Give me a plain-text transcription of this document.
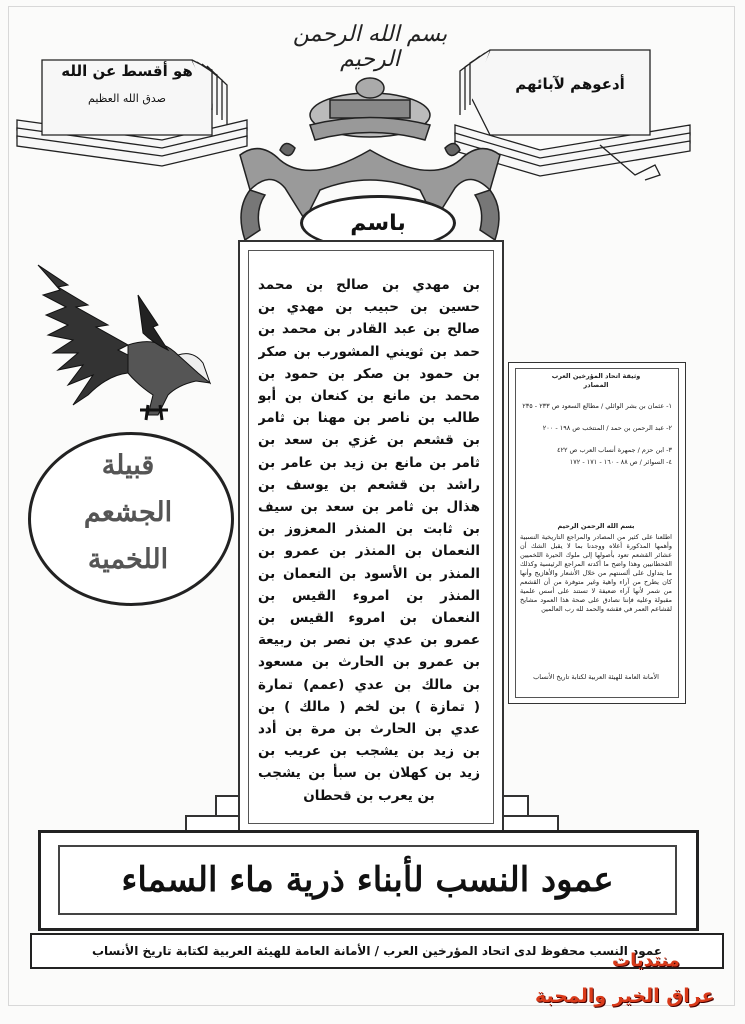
بسم الله الرحمن الرحيم
هو أقسط عن الله
صدق الله العظيم
أدعوهم لآبائهم
باسم
بن مهدي بن صالح بن محمد
حسين بن حبيب بن مهدي بن
صالح بن عبد القادر بن محمد بن
حمد بن ثويني المشورب بن صكر
بن حمود بن صكر بن حمود بن
محمد بن مانع بن كنعان بن أبو
طالب بن ناصر بن مهنا بن ثامر
بن قشعم بن غزي بن سعد بن
ثامر بن مانع بن زيد بن عامر بن
راشد بن قشعم بن يوسف بن
هذال بن ثامر بن سعد بن سيف
بن ثابت بن المنذر المعزوز بن
النعمان بن المنذر بن عمرو بن
المنذر بن الأسود بن النعمان بن
المنذر بن امروء القيس بن
النعمان بن امروء القيس بن
عمرو بن عدي بن نصر بن ربيعة
بن عمرو بن الحارث بن مسعود
بن مالك بن عدي (عمم) تمارة
( تمازة ) بن لخم ( مالك ) بن
عدي بن الحارث بن مرة بن أدد
بن زيد بن يشجب بن عريب بن
زيد بن كهلان بن سبأ بن يشجب
بن يعرب بن قحطان
قبيلة
الجشعم
اللخمية
وثيقة اتحاد المؤرخين العرب
المصادر
١- عثمان بن بشر الوائلي / مطالع السعود ص ٢٣٣ - ٢٣٥
٢- عبد الرحمن بن حمد / المنتخب ص ١٩٨ - ٢٠٠
٣- ابن حزم / جمهرة أنساب العرب ص ٤٢٢
٤- السوائر / ص ٨٨ - ١٦٠ - ١٧١ - ١٧٢
بسم الله الرحمن الرحيم
اطلعنا على كثير من المصادر والمراجع التاريخية النسبية وأهمها المذكورة أعلاه ووجدنا بما لا يقبل الشك أن عشائر القشعم تعود بأصولها إلى ملوك الحيرة اللخميين القحطانيين وهذا واضح ما أكدته المراجع الرئيسية وكذلك ما يتداول على ألسنتهم من خلال الأشعار والأهازيج وأنها كان يطرح من آراء واهية وغير متوفرة من أن القشعم من شمر لأنها آراء ضعيفة لا تستند على أسس علمية مقبولة وعليه فإننا نصادق على صحة هذا العمود مشايخ لقشاعم العمر في فقشه والحمد لله رب العالمين
الأمانة العامة للهيئة العربية لكتابة تاريخ الأنساب
عمود النسب لأبناء ذرية ماء السماء
عمود النسب محفوظ لدى اتحاد المؤرخين العرب / الأمانة العامة للهيئة العربية لكتابة تاريخ الأنساب
منتديات
عراق الخير والمحبة
